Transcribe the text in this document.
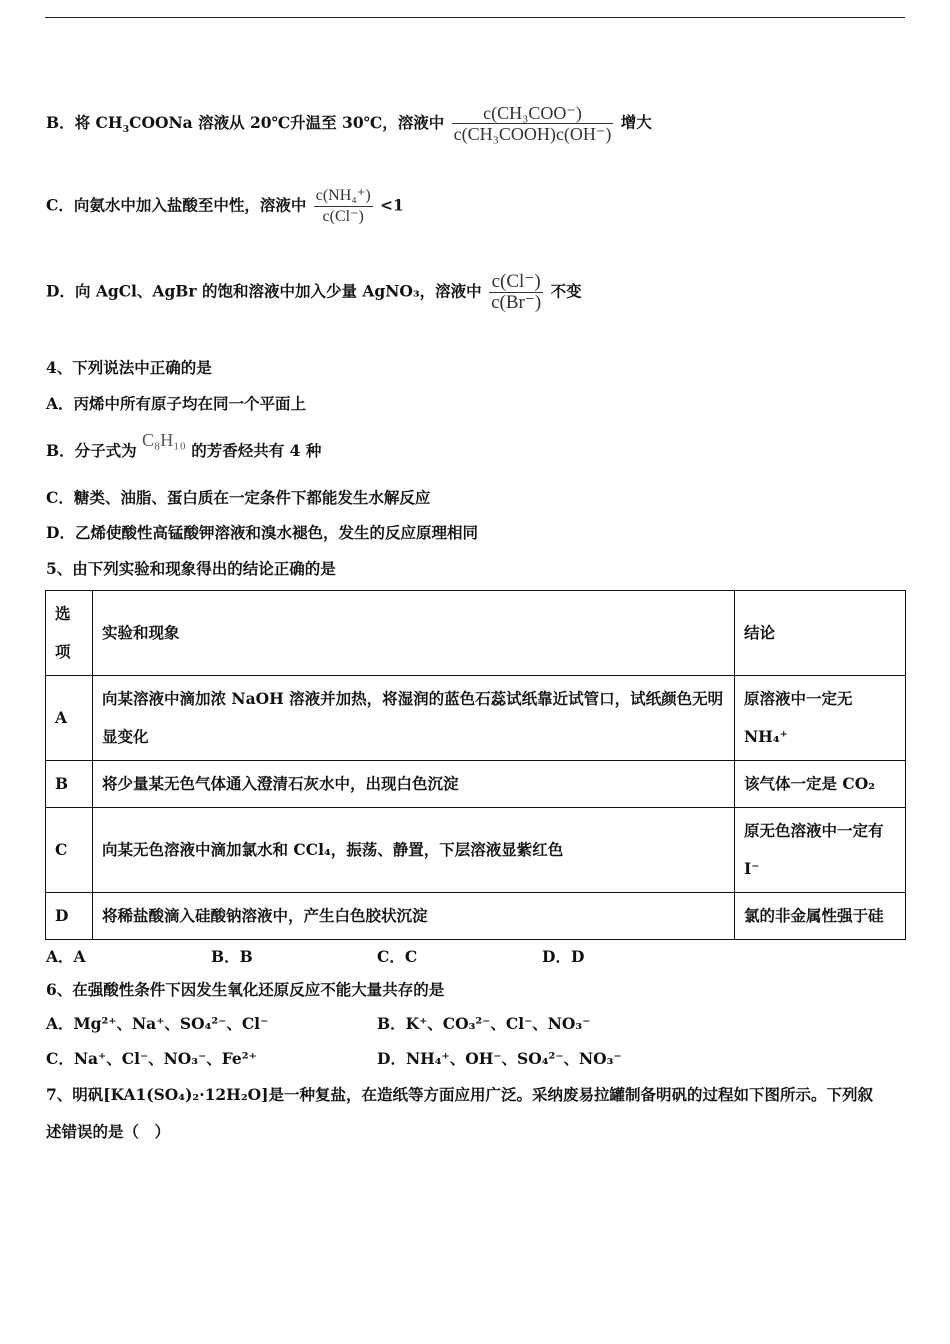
B．将 $CH_3COONa$ 溶液从 20℃升温至 30℃，溶液中 $\frac{\text{c(CH₃COO⁻)}}{\text{c(CH₃COOH)c(OH⁻)}}$ 增大
C．向氨水中加入盐酸至中性，溶液中 $\frac{\text{c(NH₄⁺)}}{c(Cl^-)} <1$
D．向 AgCl、AgBr 的饱和溶液中加入少量 AgNO₃，溶液中 $\frac{c(Cl^-)}{c(Br^-)}$ 不变
4、下列说法中正确的是
A．丙烯中所有原子均在同一个平面上
B．分子式为 C₈H₁₀ 的芳香烃共有 4 种
C．糖类、油脂、蛋白质在一定条件下都能发生水解反应
D．乙烯使酸性高锰酸钾溶液和溴水褪色，发生的反应原理相同
5、由下列实验和现象得出的结论正确的是
选项	实验和现象	结论
A	向某溶液中滴加浓 NaOH 溶液并加热，将湿润的蓝色石蕊试纸靠近试管口，试纸颜色无明显变化	原溶液中一定无 NH₄⁺
B	将少量某无色气体通入澄清石灰水中，出现白色沉淀	该气体一定是 CO₂
C	向某无色溶液中滴加氯水和 CCl₄，振荡、静置，下层溶液显紫红色	原无色溶液中一定有 I⁻
D	将稀盐酸滴入硅酸钠溶液中，产生白色胶状沉淀	氯的非金属性强于硅
A．A	B．B	C．C	D．D
6、在强酸性条件下因发生氧化还原反应不能大量共存的是
A．Mg²⁺、Na⁺、SO₄²⁻、Cl⁻	B．K⁺、CO₃²⁻、Cl⁻、NO₃⁻
C．Na⁺、Cl⁻、NO₃⁻、Fe²⁺	D．NH₄⁺、OH⁻、SO₄²⁻、NO₃⁻
7、明矾[KA1(SO₄)₂·12H₂O]是一种复盐，在造纸等方面应用广泛。采纳废易拉罐制备明矾的过程如下图所示。下列叙
述错误的是（　）
